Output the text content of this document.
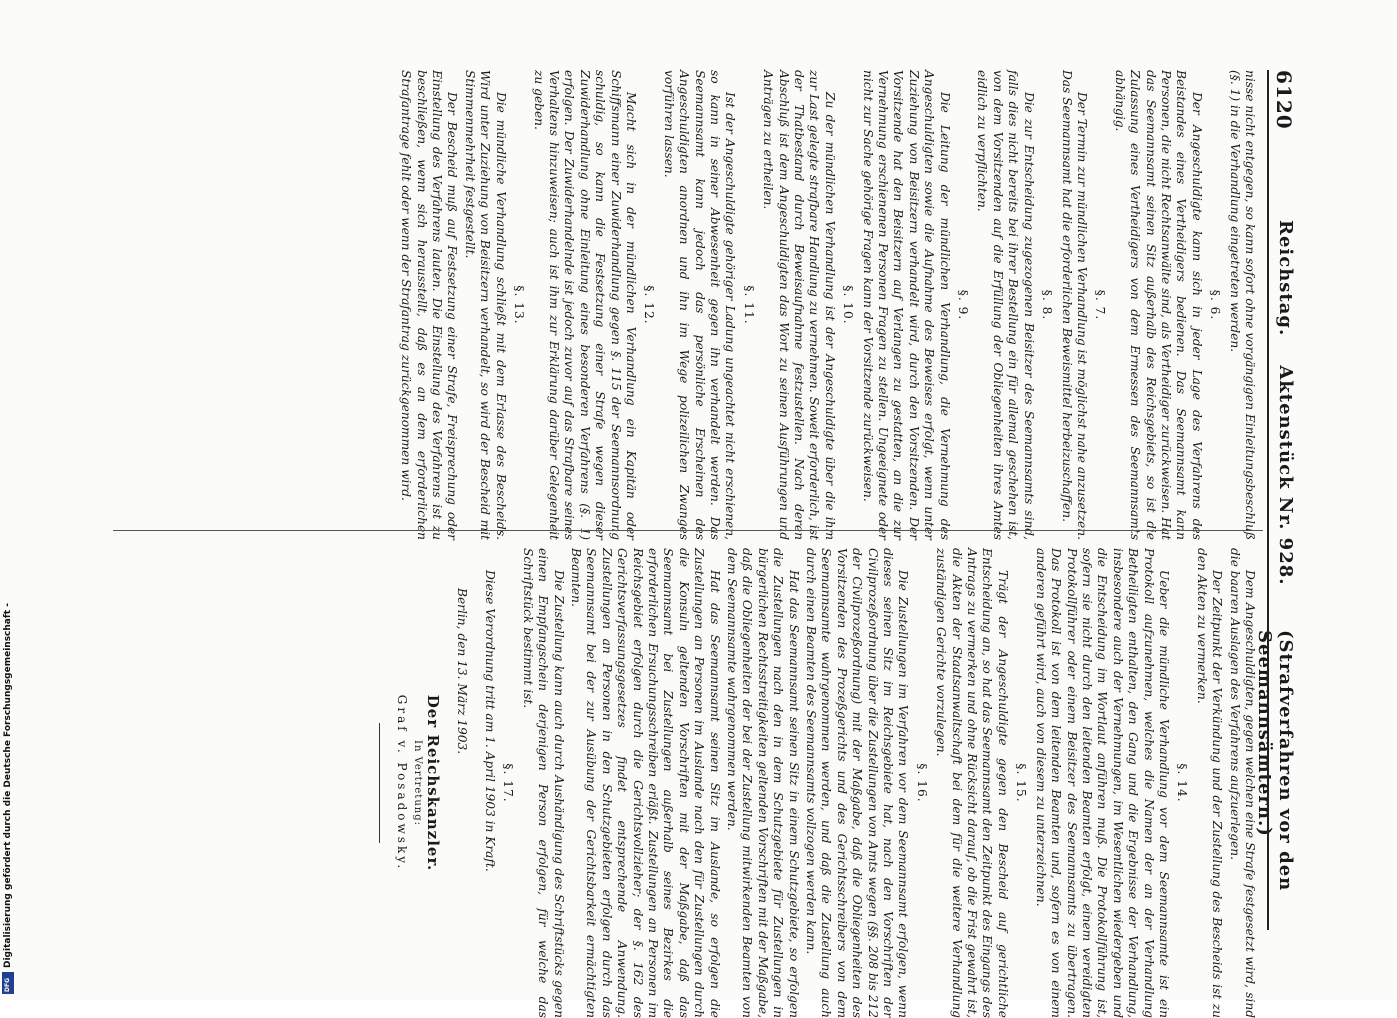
6120
Reichstag.    Aktenstück Nr. 928.
(Strafverfahren vor den Seemannsämtern.)

nisse nicht entgegen, so kann sofort ohne vorgängigen Einleitungsbeschluß (§. 1) in die Verhandlung eingetreten werden.

§. 6.

Der Angeschuldigte kann sich in jeder Lage des Verfahrens des Beistandes eines Vertheidigers bedienen. Das Seemannsamt kann Personen, die nicht Rechtsanwälte sind, als Vertheidiger zurückweisen. Hat das Seemannsamt seinen Sitz außerhalb des Reichsgebiets, so ist die Zulassung eines Vertheidigers von dem Ermessen des Seemannsamts abhängig.

§. 7.

Der Termin zur mündlichen Verhandlung ist möglichst nahe anzusetzen. Das Seemannsamt hat die erforderlichen Beweismittel herbeizuschaffen.

§. 8.

Die zur Entscheidung zugezogenen Beisitzer des Seemannsamts sind, falls dies nicht bereits bei ihrer Bestellung ein für allemal geschehen ist, von dem Vorsitzenden auf die Erfüllung der Obliegenheiten ihres Amtes eidlich zu verpflichten.

§. 9.

Die Leitung der mündlichen Verhandlung, die Vernehmung des Angeschuldigten sowie die Aufnahme des Beweises erfolgt, wenn unter Zuziehung von Beisitzern verhandelt wird, durch den Vorsitzenden. Der Vorsitzende hat den Beisitzern auf Verlangen zu gestatten, an die zur Vernehmung erschienenen Personen Fragen zu stellen. Ungeeignete oder nicht zur Sache gehörige Fragen kann der Vorsitzende zurückweisen.

§. 10.

Zu der mündlichen Verhandlung ist der Angeschuldigte über die ihm zur Last gelegte strafbare Handlung zu vernehmen. Soweit erforderlich, ist der Thatbestand durch Beweisaufnahme festzustellen. Nach deren Abschluß ist dem Angeschuldigten das Wort zu seinen Ausführungen und Anträgen zu ertheilen.

§. 11.

Ist der Angeschuldigte gehöriger Ladung ungeachtet nicht erschienen, so kann in seiner Abwesenheit gegen ihn verhandelt werden. Das Seemannsamt kann jedoch das persönliche Erscheinen des Angeschuldigten anordnen und ihn im Wege polizeilichen Zwanges vorführen lassen.

§. 12.

Macht sich in der mündlichen Verhandlung ein Kapitän oder Schiffsmann einer Zuwiderhandlung gegen §. 115 der Seemannsordnung schuldig, so kann die Festsetzung einer Strafe wegen dieser Zuwiderhandlung ohne Einleitung eines besonderen Verfahrens (§. 1) erfolgen. Der Zuwiderhandelnde ist jedoch zuvor auf das Strafbare seines Verhaltens hinzuweisen; auch ist ihm zur Erklärung darüber Gelegenheit zu geben.

§. 13.

Die mündliche Verhandlung schließt mit dem Erlasse des Bescheids. Wird unter Zuziehung von Beisitzern verhandelt, so wird der Bescheid mit Stimmenmehrheit festgestellt.

Der Bescheid muß auf Festsetzung einer Strafe, Freisprechung oder Einstellung des Verfahrens lauten. Die Einstellung des Verfahrens ist zu beschließen, wenn sich herausstellt, daß es an dem erforderlichen Strafantrage fehlt oder wenn der Strafantrag zurückgenommen wird.

Dem Angeschuldigten, gegen welchen eine Strafe festgesetzt wird, sind die baaren Auslagen des Verfahrens aufzuerlegen.

Der Zeitpunkt der Verkündung und der Zustellung des Bescheids ist zu den Akten zu vermerken.

§. 14.

Ueber die mündliche Verhandlung vor dem Seemannsamte ist ein Protokoll aufzunehmen, welches die Namen der an der Verhandlung Betheiligten enthalten, den Gang und die Ergebnisse der Verhandlung, insbesondere auch der Vernehmungen, im Wesentlichen wiedergeben und die Entscheidung im Wortlaut anführen muß. Die Protokollführung ist, sofern sie nicht durch den leitenden Beamten erfolgt, einem vereidigten Protokollführer oder einem Beisitzer des Seemannsamts zu übertragen. Das Protokoll ist von dem leitenden Beamten und, sofern es von einem anderen geführt wird, auch von diesem zu unterzeichnen.

§. 15.

Trägt der Angeschuldigte gegen den Bescheid auf gerichtliche Entscheidung an, so hat das Seemannsamt den Zeitpunkt des Eingangs des Antrags zu vermerken und ohne Rücksicht darauf, ob die Frist gewahrt ist, die Akten der Staatsanwaltschaft bei dem für die weitere Verhandlung zuständigen Gerichte vorzulegen.

§. 16.

Die Zustellungen im Verfahren vor dem Seemannsamt erfolgen, wenn dieses seinen Sitz im Reichsgebiete hat, nach den Vorschriften der Civilprozeßordnung über die Zustellungen von Amts wegen (§§. 208 bis 212 der Civilprozeßordnung) mit der Maßgabe, daß die Obliegenheiten des Vorsitzenden des Prozeßgerichts und des Gerichtsschreibers von dem Seemannsamte wahrgenommen werden, und daß die Zustellung auch durch einen Beamten des Seemannsamts vollzogen werden kann.

Hat das Seemannsamt seinen Sitz in einem Schutzgebiete, so erfolgen die Zustellungen nach den in dem Schutzgebiete für Zustellungen in bürgerlichen Rechtsstreitigkeiten geltenden Vorschriften mit der Maßgabe, daß die Obliegenheiten der bei der Zustellung mitwirkenden Beamten von dem Seemannsamte wahrgenommen werden.

Hat das Seemannsamt seinen Sitz im Auslande, so erfolgen die Zustellungen an Personen im Auslande nach den für Zustellungen durch die Konsuln geltenden Vorschriften mit der Maßgabe, daß das Seemannsamt bei Zustellungen außerhalb seines Bezirkes die erforderlichen Ersuchungsschreiben erläßt. Zustellungen an Personen im Reichsgebiet erfolgen durch die Gerichtsvollzieher; der §. 162 des Gerichtsverfassungsgesetzes findet entsprechende Anwendung. Zustellungen an Personen in den Schutzgebieten erfolgen durch das Seemannsamt bei der zur Ausübung der Gerichtsbarkeit ermächtigten Beamten.

Die Zustellung kann auch durch Aushändigung des Schriftstücks gegen einen Empfangschein derjenigen Person erfolgen, für welche das Schriftstück bestimmt ist.

§. 17.

Diese Verordnung tritt am 1. April 1903 in Kraft.

Berlin, den 13. März 1903.

Der Reichskanzler.
In Vertretung:
Graf v. Posadowsky.
Digitalisierung gefördert durch die Deutsche Forschungsgemeinschaft -
DFG
